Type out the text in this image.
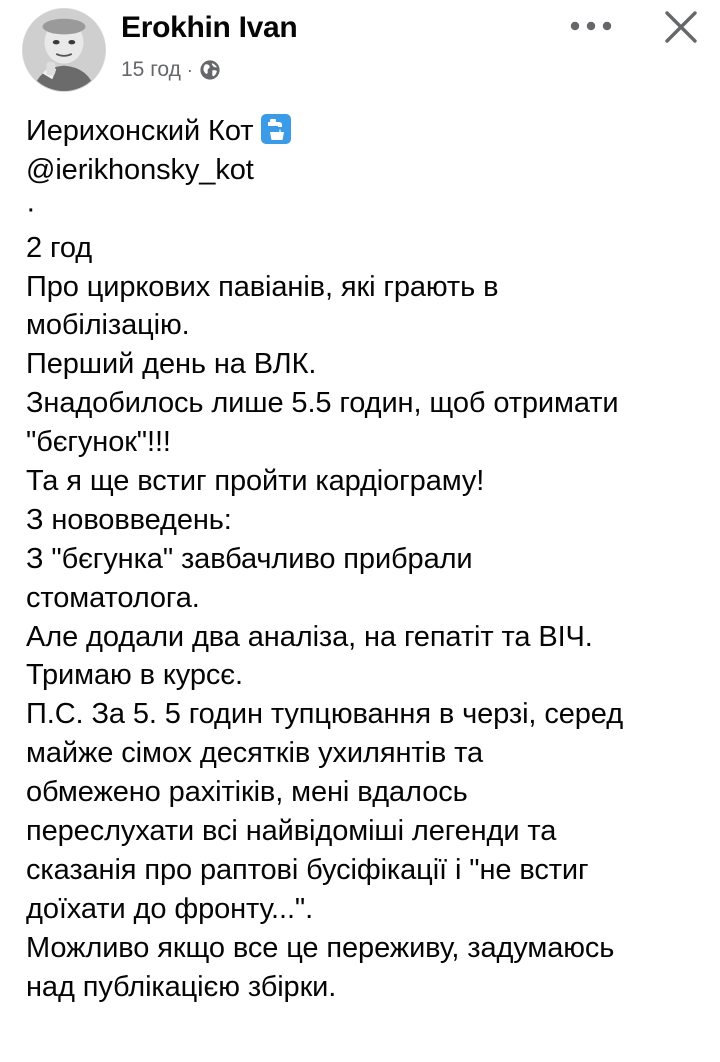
Erokhin Ivan
15 год ·
Иерихонский Кот
@ierikhonsky_kot
·
2 год
Про циркових павіанів, які грають в
мобілізацію.
Перший день на ВЛК.
Знадобилось лише 5.5 годин, щоб отримати
"бєгунок"!!!
Та я ще встиг пройти кардіограму!
З нововведень:
З "бєгунка" завбачливо прибрали
стоматолога.
Але додали два аналіза, на гепатіт та ВІЧ.
Тримаю в курсє.
П.С. За 5. 5 годин тупцювання в черзі, серед
майже сімох десятків ухилянтів та
обмежено рахітіків, мені вдалось
переслухати всі найвідоміші легенди та
сказанія про раптові бусіфікації і "не встиг
доїхати до фронту...".
Можливо якщо все це переживу, задумаюсь
над публікацією збірки.
